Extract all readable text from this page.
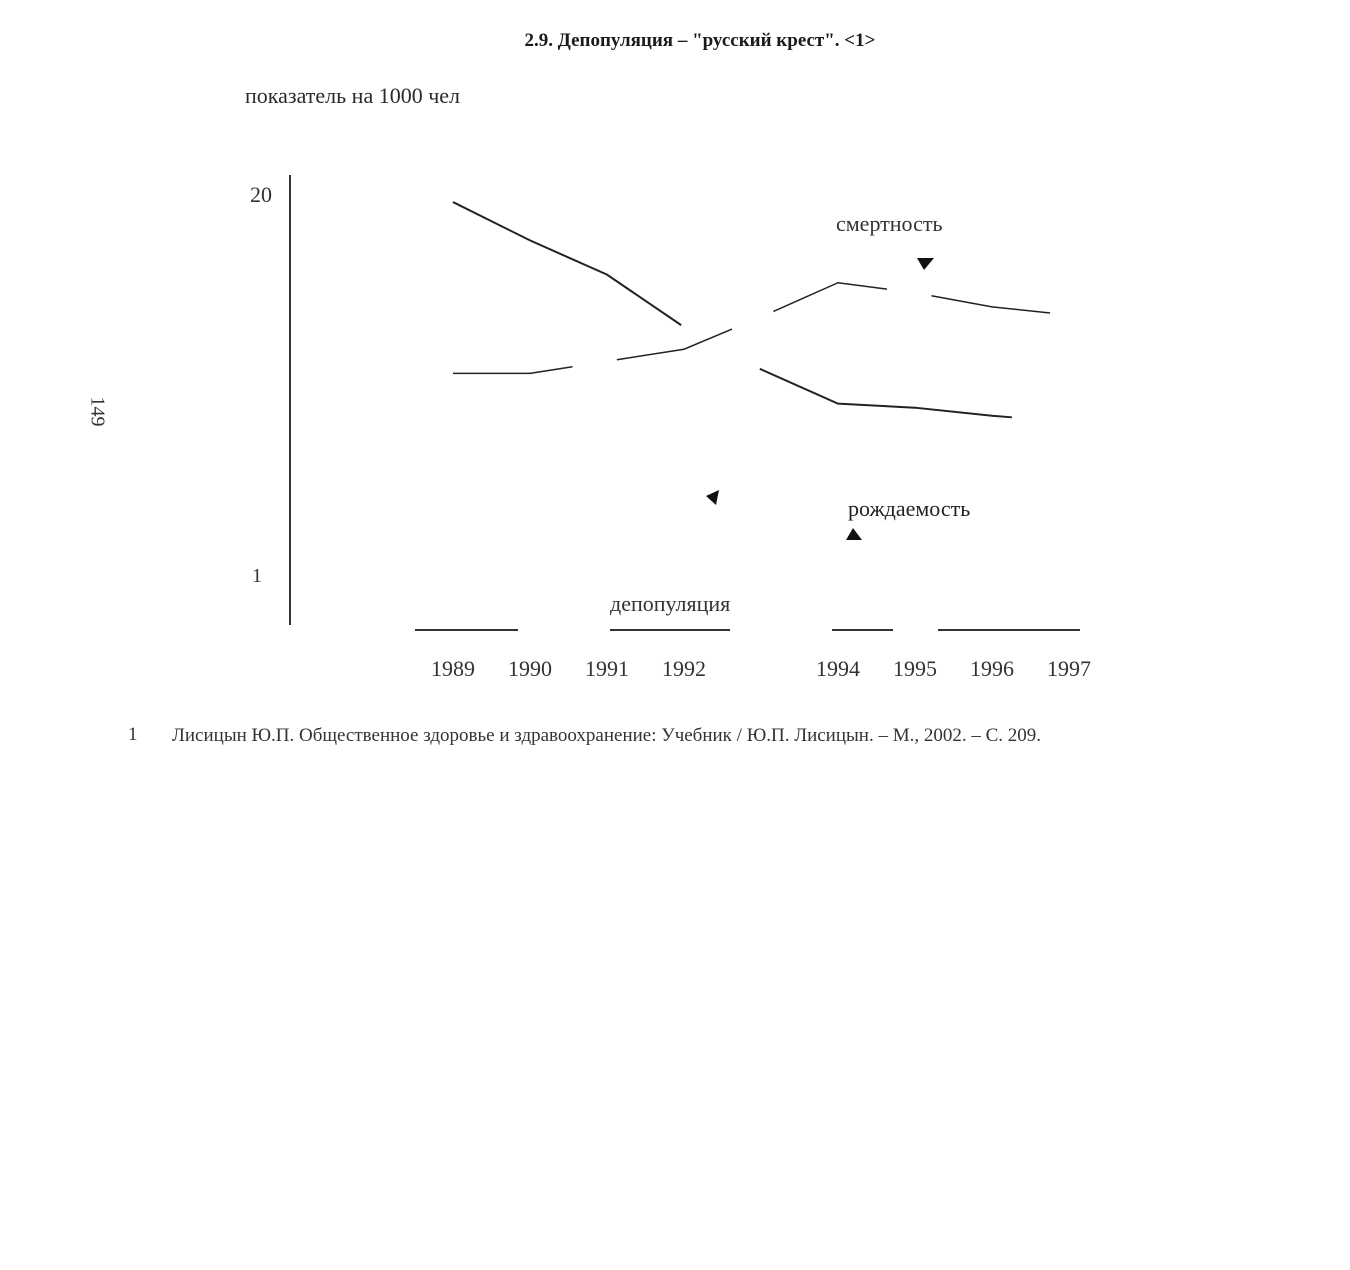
2.9. Депопуляция – "русский крест". <1>
показатель на 1000 чел
149
20
1
1989 1990 1991 1992	1994 1995 1996 1997
смертность
рождаемость
депопуляция
1 Лисицын Ю.П. Общественное здоровье и здравоохранение: Учебник / Ю.П. Лисицын. – М., 2002. – С. 209.
